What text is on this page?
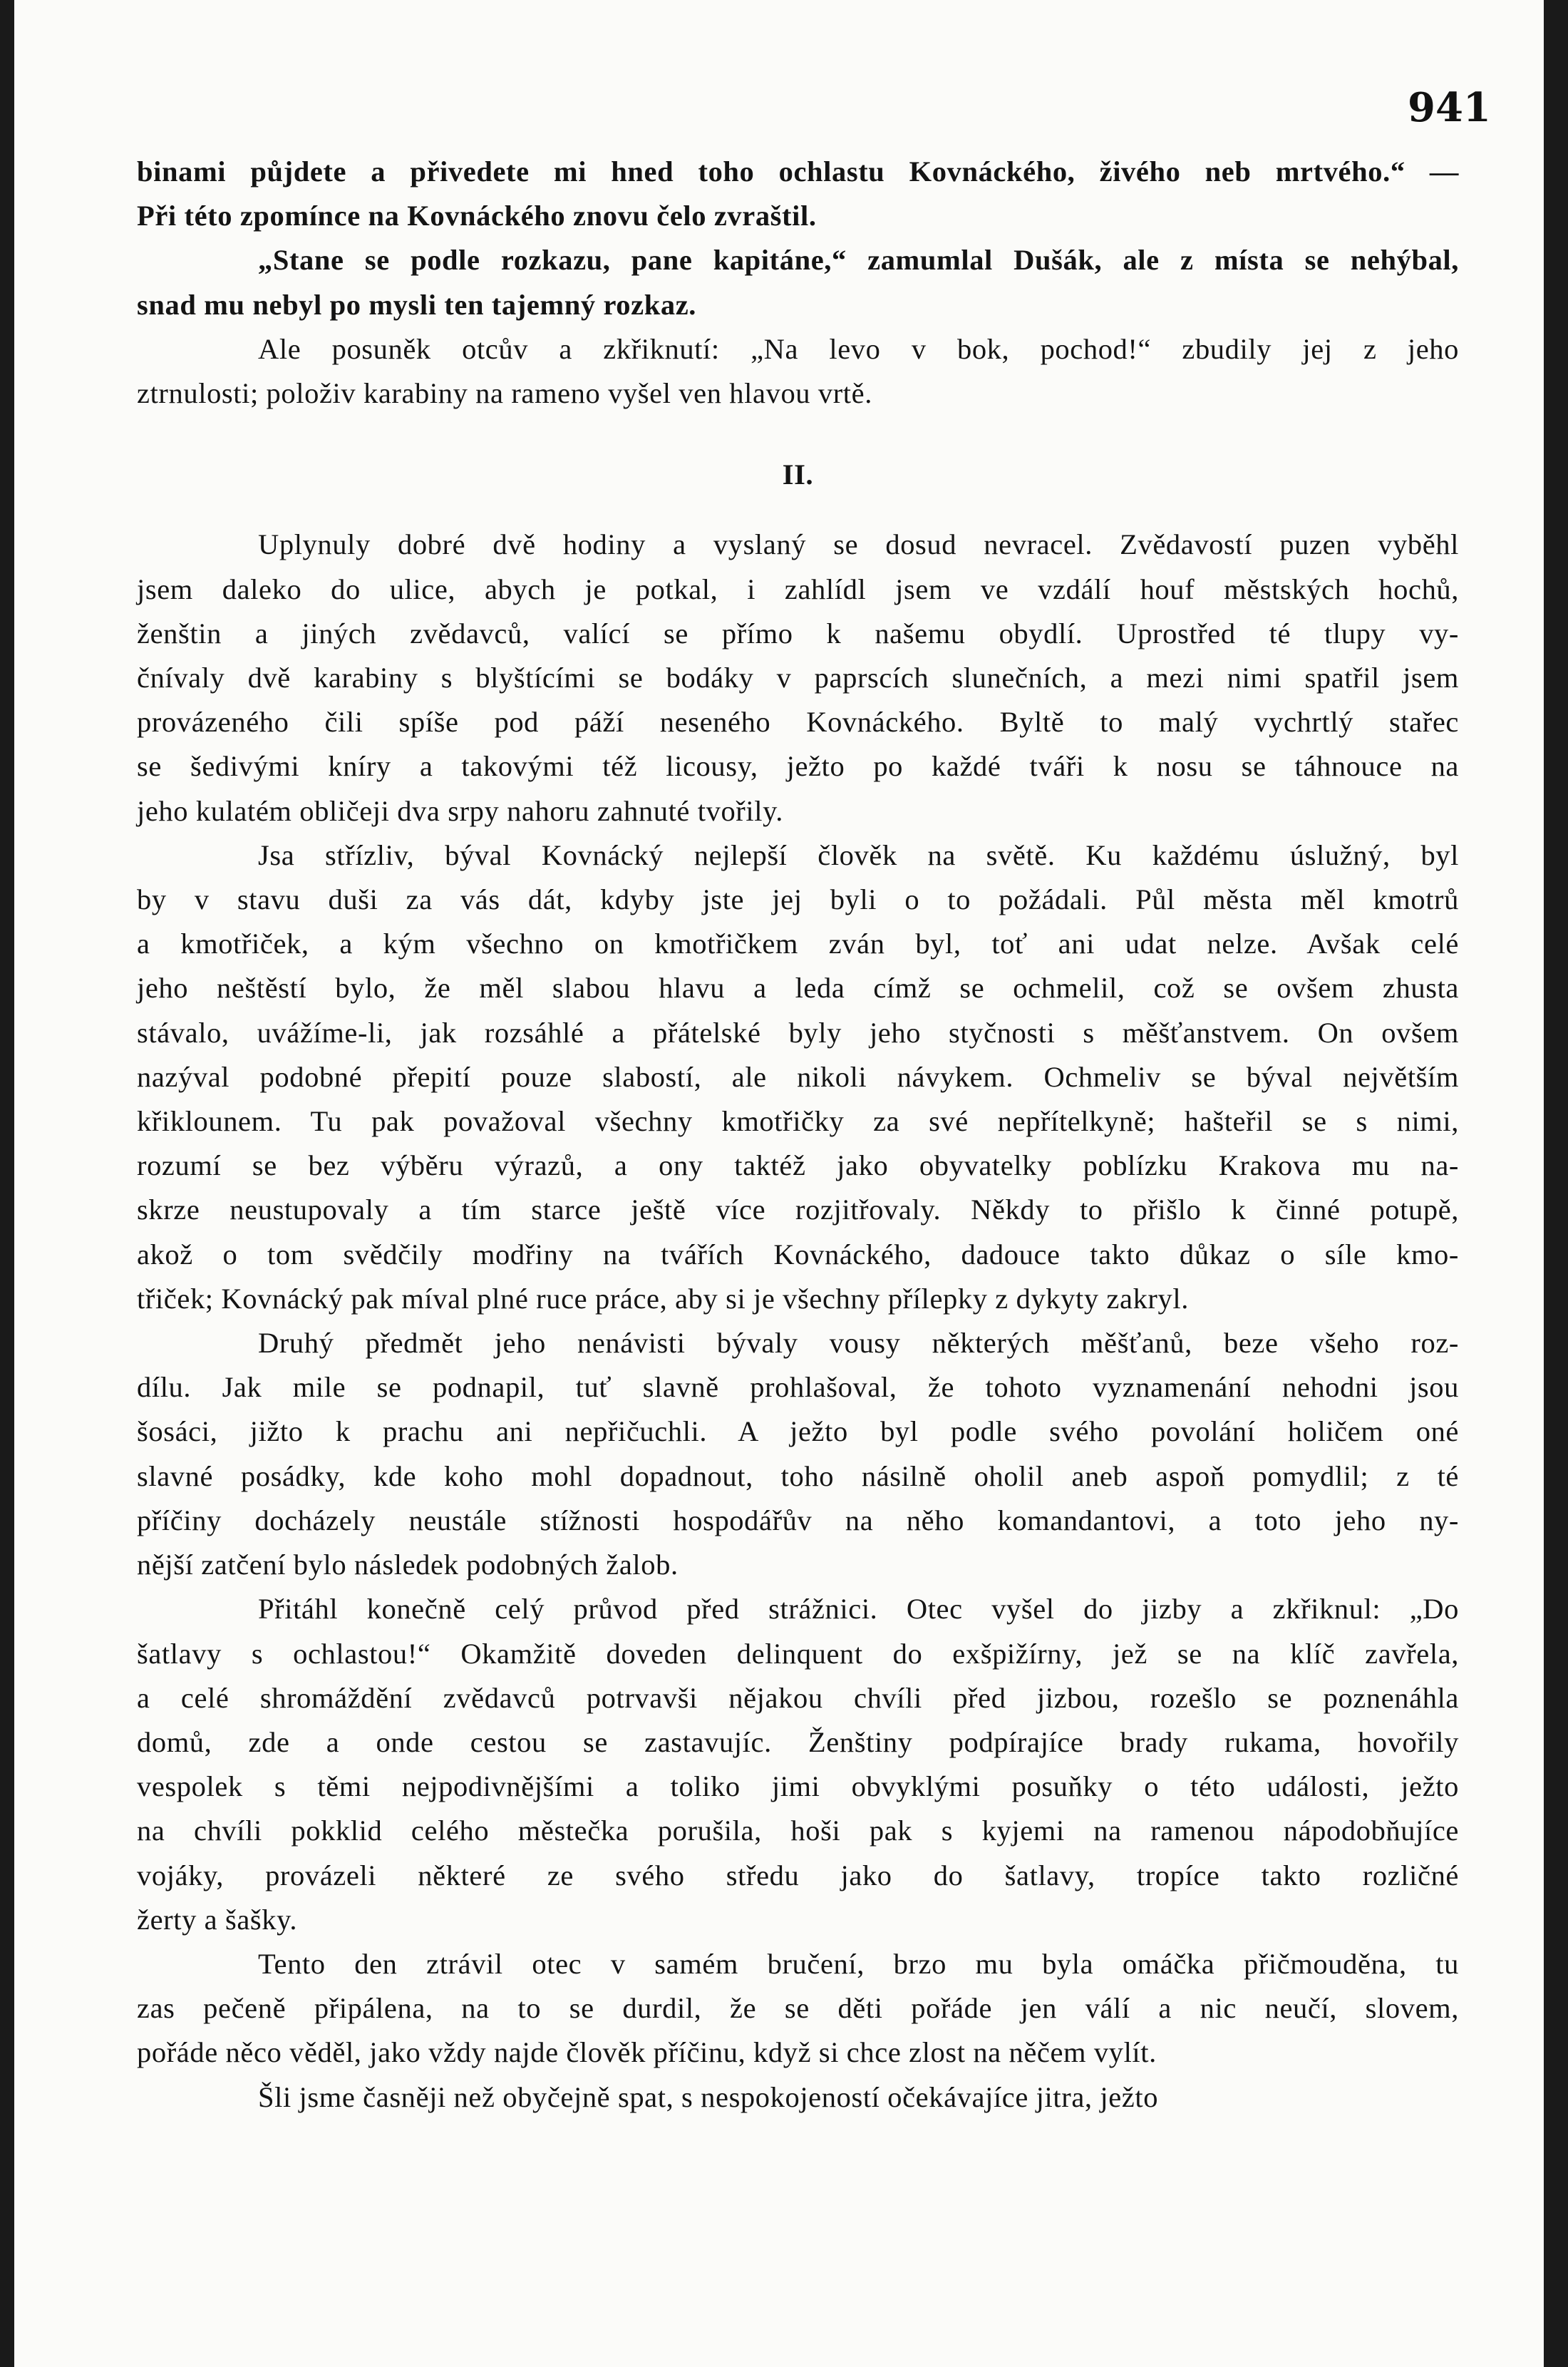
941

binami půjdete a přivedete mi hned toho ochlastu Kovnáckého, živého neb mrtvého.“ —
Při této zpomínce na Kovnáckého znovu čelo zvraštil.

„Stane se podle rozkazu, pane kapitáne,“ zamumlal Dušák, ale z místa se nehýbal,
snad mu nebyl po mysli ten tajemný rozkaz.

Ale posuněk otcův a zkřiknutí: „Na levo v bok, pochod!“ zbudily jej z jeho
ztrnulosti; položiv karabiny na rameno vyšel ven hlavou vrtě.

II.

Uplynuly dobré dvě hodiny a vyslaný se dosud nevracel. Zvědavostí puzen vyběhl
jsem daleko do ulice, abych je potkal, i zahlídl jsem ve vzdálí houf městských hochů,
ženštin a jiných zvědavců, valící se přímo k našemu obydlí. Uprostřed té tlupy vy-
čnívaly dvě karabiny s blyštícími se bodáky v paprscích slunečních, a mezi nimi spatřil jsem
provázeného čili spíše pod páží neseného Kovnáckého. Byltě to malý vychrtlý stařec
se šedivými kníry a takovými též licousy, ježto po každé tváři k nosu se táhnouce na
jeho kulatém obličeji dva srpy nahoru zahnuté tvořily.

Jsa střízliv, býval Kovnácký nejlepší člověk na světě. Ku každému úslužný, byl
by v stavu duši za vás dát, kdyby jste jej byli o to požádali. Půl města měl kmotrů
a kmotřiček, a kým všechno on kmotřičkem zván byl, toť ani udat nelze. Avšak celé
jeho neštěstí bylo, že měl slabou hlavu a leda címž se ochmelil, což se ovšem zhusta
stávalo, uvážíme-li, jak rozsáhlé a přátelské byly jeho styčnosti s měšťanstvem. On ovšem
nazýval podobné přepití pouze slabostí, ale nikoli návykem. Ochmeliv se býval největším
křiklounem. Tu pak považoval všechny kmotřičky za své nepřítelkyně; hašteřil se s nimi,
rozumí se bez výběru výrazů, a ony taktéž jako obyvatelky poblízku Krakova mu na-
skrze neustupovaly a tím starce ještě více rozjitřovaly. Někdy to přišlo k činné potupě,
akož o tom svědčily modřiny na tvářích Kovnáckého, dadouce takto důkaz o síle kmo-
třiček; Kovnácký pak míval plné ruce práce, aby si je všechny přílepky z dykyty zakryl.

Druhý předmět jeho nenávisti bývaly vousy některých měšťanů, beze všeho roz-
dílu. Jak mile se podnapil, tuť slavně prohlašoval, že tohoto vyznamenání nehodni jsou
šosáci, jižto k prachu ani nepřičuchli. A ježto byl podle svého povolání holičem oné
slavné posádky, kde koho mohl dopadnout, toho násilně oholil aneb aspoň pomydlil; z té
příčiny docházely neustále stížnosti hospodářův na něho komandantovi, a toto jeho ny-
nější zatčení bylo následek podobných žalob.

Přitáhl konečně celý průvod před strážnici. Otec vyšel do jizby a zkřiknul: „Do
šatlavy s ochlastou!“ Okamžitě doveden delinquent do exšpižírny, jež se na klíč zavřela,
a celé shromáždění zvědavců potrvavši nějakou chvíli před jizbou, rozešlo se poznenáhla
domů, zde a onde cestou se zastavujíc. Ženštiny podpírajíce brady rukama, hovořily
vespolek s těmi nejpodivnějšími a toliko jimi obvyklými posuňky o této události, ježto
na chvíli pokklid celého městečka porušila, hoši pak s kyjemi na ramenou nápodobňujíce
vojáky, provázeli některé ze svého středu jako do šatlavy, tropíce takto rozličné
žerty a šašky.

Tento den ztrávil otec v samém bručení, brzo mu byla omáčka přičmouděna, tu
zas pečeně připálena, na to se durdil, že se děti pořáde jen válí a nic neučí, slovem,
pořáde něco věděl, jako vždy najde člověk příčinu, když si chce zlost na něčem vylít.

Šli jsme časněji než obyčejně spat, s nespokojeností očekávajíce jitra, ježto
